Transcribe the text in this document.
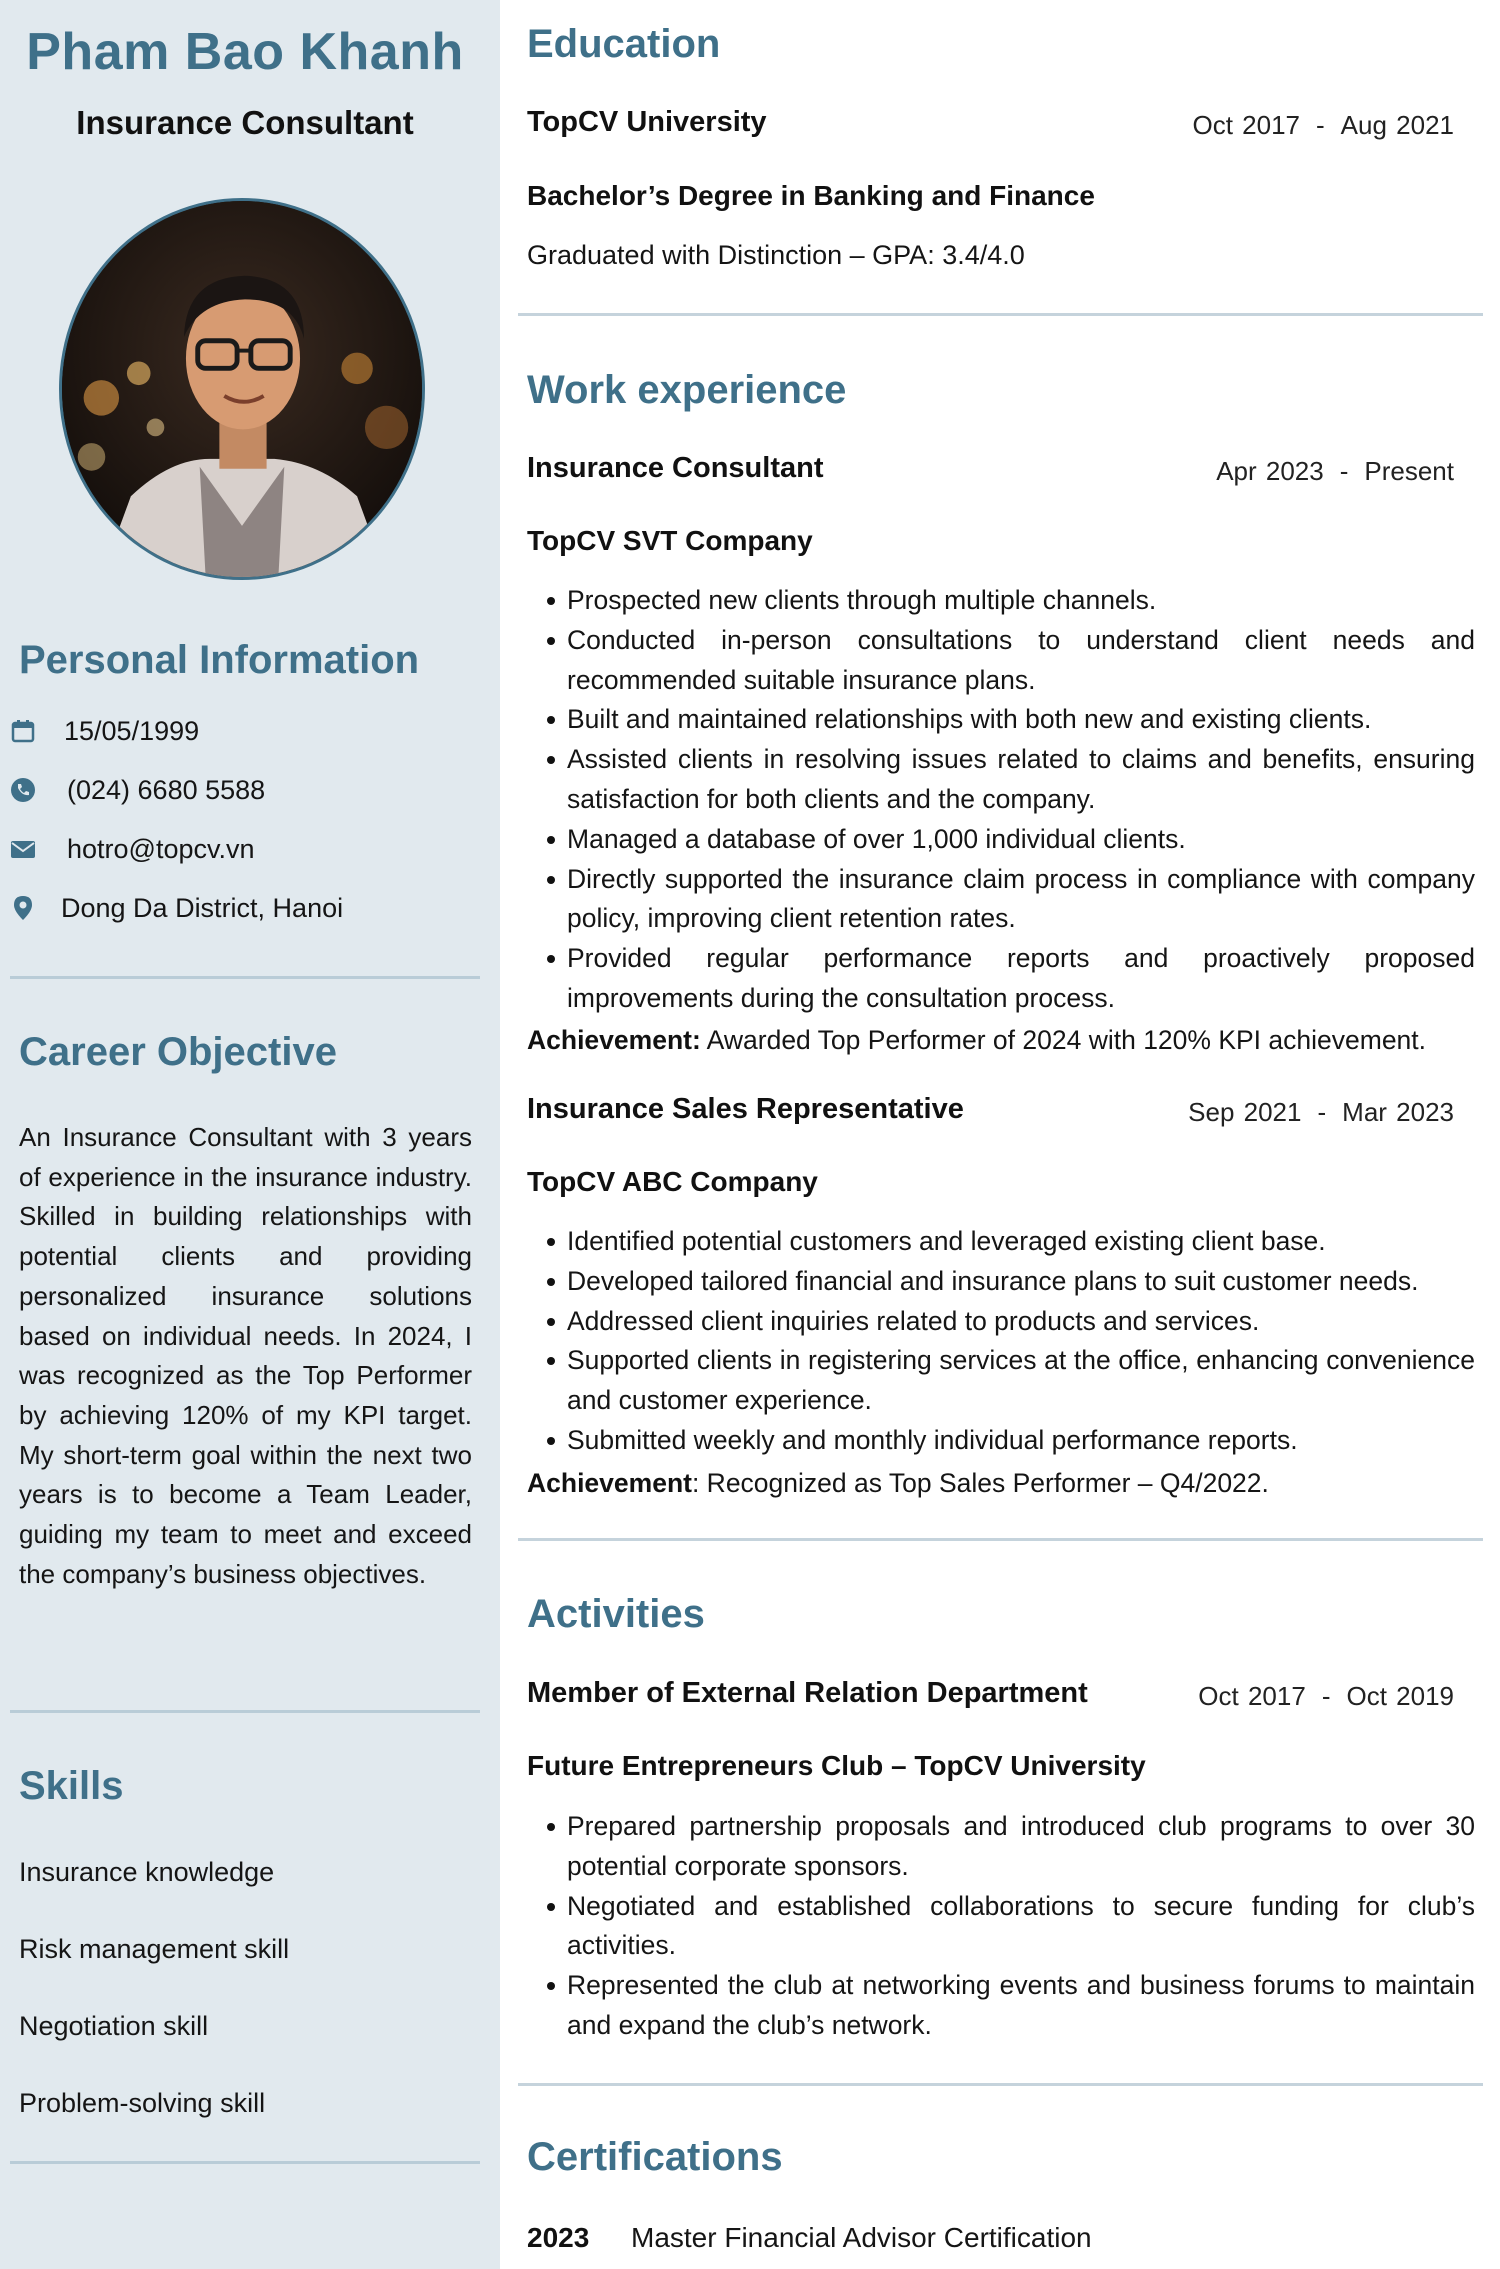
Pham Bao Khanh
Insurance Consultant
Personal Information
15/05/1999
(024) 6680 5588
hotro@topcv.vn
Dong Da District, Hanoi
Career Objective
An Insurance Consultant with 3 years of experience in the insurance industry. Skilled in building relationships with potential clients and providing personalized insurance solutions based on individual needs. In 2024, I was recognized as the Top Performer by achieving 120% of my KPI target. My short-term goal within the next two years is to become a Team Leader, guiding my team to meet and exceed the company’s business objectives.
Skills
Insurance knowledge
Risk management skill
Negotiation skill
Problem-solving skill
Education
TopCV University	Oct 2017 - Aug 2021
Bachelor’s Degree in Banking and Finance
Graduated with Distinction – GPA: 3.4/4.0
Work experience
Insurance Consultant	Apr 2023 - Present
TopCV SVT Company
Prospected new clients through multiple channels.
Conducted in-person consultations to understand client needs and recommended suitable insurance plans.
Built and maintained relationships with both new and existing clients.
Assisted clients in resolving issues related to claims and benefits, ensuring satisfaction for both clients and the company.
Managed a database of over 1,000 individual clients.
Directly supported the insurance claim process in compliance with company policy, improving client retention rates.
Provided regular performance reports and proactively proposed improvements during the consultation process.
Achievement: Awarded Top Performer of 2024 with 120% KPI achievement.
Insurance Sales Representative	Sep 2021 - Mar 2023
TopCV ABC Company
Identified potential customers and leveraged existing client base.
Developed tailored financial and insurance plans to suit customer needs.
Addressed client inquiries related to products and services.
Supported clients in registering services at the office, enhancing convenience and customer experience.
Submitted weekly and monthly individual performance reports.
Achievement: Recognized as Top Sales Performer – Q4/2022.
Activities
Member of External Relation Department	Oct 2017 - Oct 2019
Future Entrepreneurs Club – TopCV University
Prepared partnership proposals and introduced club programs to over 30 potential corporate sponsors.
Negotiated and established collaborations to secure funding for club’s activities.
Represented the club at networking events and business forums to maintain and expand the club’s network.
Certifications
2023 Master Financial Advisor Certification
